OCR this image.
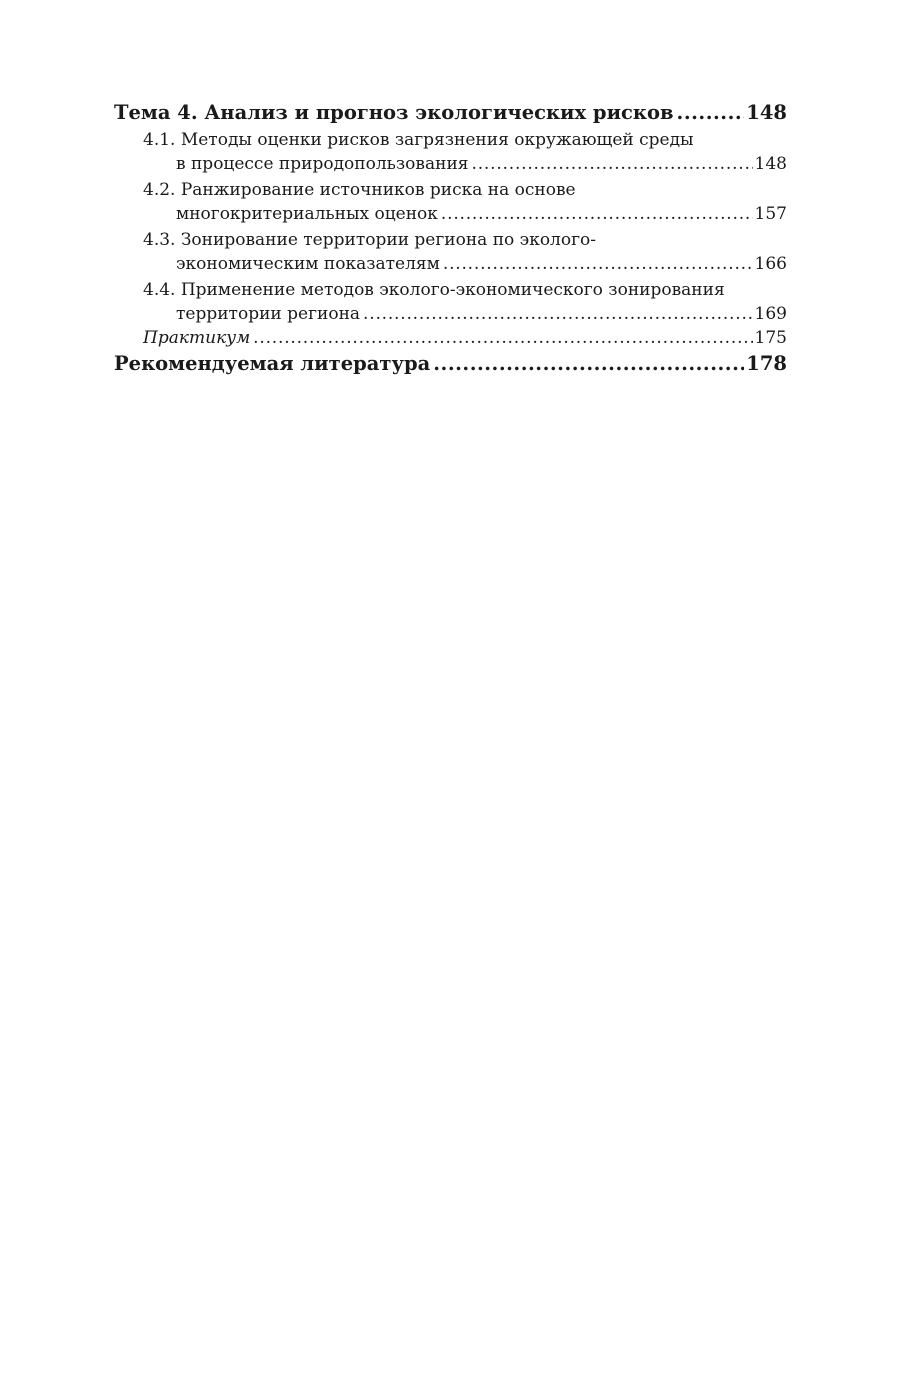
Тема 4. Анализ и прогноз экологических рисков .....	148
4.1. Методы оценки рисков загрязнения окружающей среды
в процессе природопользования .....	148
4.2. Ранжирование источников риска на основе
многокритериальных оценок .....	157
4.3. Зонирование территории региона по эколого-
экономическим показателям .....	166
4.4. Применение методов эколого-экономического зонирования
территории региона .....	169
Практикум .....	175
Рекомендуемая литература .....	178
